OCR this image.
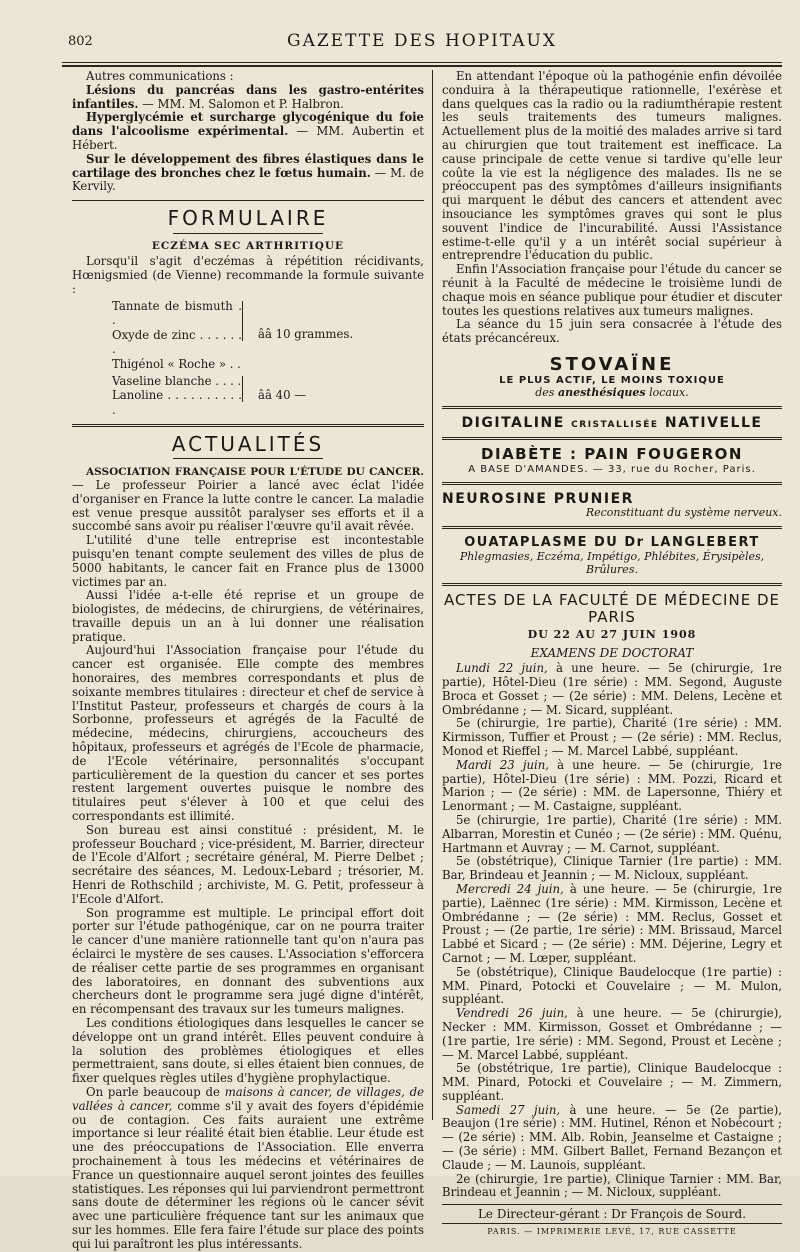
802	GAZETTE DES HOPITAUX

Autres communications :

Lésions du pancréas dans les gastro-entérites infantiles. — MM. M. Salomon et P. Halbron.

Hyperglycémie et surcharge glycogénique du foie dans l'alcoolisme expérimental. — MM. Aubertin et Hébert.

Sur le développement des fibres élastiques dans le cartilage des bronches chez le fœtus humain. — M. de Kervily.

FORMULAIRE
ECZÉMA SEC ARTHRITIQUE

Lorsqu'il s'agit d'eczémas à répétition récidivants, Hœnigsmied (de Vienne) recommande la formule suivante :

Tannate de bismuth . .
Oxyde de zinc . . . . . . .
Thigénol « Roche » . .
ââ 10 grammes.
Vaseline blanche . . . .
Lanoline . . . . . . . . . . .
ââ 40 —
ACTUALITÉS

ASSOCIATION FRANÇAISE POUR L'ÉTUDE DU CANCER. — Le professeur Poirier a lancé avec éclat l'idée d'organiser en France la lutte contre le cancer. La maladie est venue presque aussitôt paralyser ses efforts et il a succombé sans avoir pu réaliser l'œuvre qu'il avait rêvée.

L'utilité d'une telle entreprise est incontestable puisqu'en tenant compte seulement des villes de plus de 5000 habitants, le cancer fait en France plus de 13000 victimes par an.

Aussi l'idée a-t-elle été reprise et un groupe de biologistes, de médecins, de chirurgiens, de vétérinaires, travaille depuis un an à lui donner une réalisation pratique.

Aujourd'hui l'Association française pour l'étude du cancer est organisée. Elle compte des membres honoraires, des membres correspondants et plus de soixante membres titulaires : directeur et chef de service à l'Institut Pasteur, professeurs et chargés de cours à la Sorbonne, professeurs et agrégés de la Faculté de médecine, médecins, chirurgiens, accoucheurs des hôpitaux, professeurs et agrégés de l'Ecole de pharmacie, de l'Ecole vétérinaire, personnalités s'occupant particulièrement de la question du cancer et ses portes restent largement ouvertes puisque le nombre des titulaires peut s'élever à 100 et que celui des correspondants est illimité.

Son bureau est ainsi constitué : président, M. le professeur Bouchard ; vice-président, M. Barrier, directeur de l'Ecole d'Alfort ; secrétaire général, M. Pierre Delbet ; secrétaire des séances, M. Ledoux-Lebard ; trésorier, M. Henri de Rothschild ; archiviste, M. G. Petit, professeur à l'Ecole d'Alfort.

Son programme est multiple. Le principal effort doit porter sur l'étude pathogénique, car on ne pourra traiter le cancer d'une manière rationnelle tant qu'on n'aura pas éclairci le mystère de ses causes. L'Association s'efforcera de réaliser cette partie de ses programmes en organisant des laboratoires, en donnant des subventions aux chercheurs dont le programme sera jugé digne d'intérêt, en récompensant des travaux sur les tumeurs malignes.

Les conditions étiologiques dans lesquelles le cancer se développe ont un grand intérêt. Elles peuvent conduire à la solution des problèmes étiologiques et elles permettraient, sans doute, si elles étaient bien connues, de fixer quelques règles utiles d'hygiène prophylactique.

On parle beaucoup de maisons à cancer, de villages, de vallées à cancer, comme s'il y avait des foyers d'épidémie ou de contagion. Ces faits auraient une extrême importance si leur réalité était bien établie. Leur étude est une des préoccupations de l'Association. Elle enverra prochainement à tous les médecins et vétérinaires de France un questionnaire auquel seront jointes des feuilles statistiques. Les réponses qui lui parviendront permettront sans doute de déterminer les régions où le cancer sévit avec une particulière fréquence tant sur les animaux que sur les hommes. Elle fera faire l'étude sur place des points qui lui paraîtront les plus intéressants.

En attendant l'époque où la pathogénie enfin dévoilée conduira à la thérapeutique rationnelle, l'exérèse et dans quelques cas la radio ou la radiumthérapie restent les seuls traitements des tumeurs malignes. Actuellement plus de la moitié des malades arrive si tard au chirurgien que tout traitement est inefficace. La cause principale de cette venue si tardive qu'elle leur coûte la vie est la négligence des malades. Ils ne se préoccupent pas des symptômes d'ailleurs insignifiants qui marquent le début des cancers et attendent avec insouciance les symptômes graves qui sont le plus souvent l'indice de l'incurabilité. Aussi l'Assistance estime-t-elle qu'il y a un intérêt social supérieur à entreprendre l'éducation du public.

Enfin l'Association française pour l'étude du cancer se réunit à la Faculté de médecine le troisième lundi de chaque mois en séance publique pour étudier et discuter toutes les questions relatives aux tumeurs malignes.

La séance du 15 juin sera consacrée à l'étude des états précancéreux.

STOVAÏNE
LE PLUS ACTIF, LE MOINS TOXIQUE
des anesthésiques locaux.
DIGITALINE CRISTALLISÉE NATIVELLE
DIABÈTE : PAIN FOUGERON
A BASE D'AMANDES. — 33, rue du Rocher, Paris.
NEUROSINE PRUNIER
Reconstituant du système nerveux.
OUATAPLASME DU Dr LANGLEBERT
Phlegmasies, Eczéma, Impétigo, Phlébites, Érysipèles, Brûlures.
ACTES DE LA FACULTÉ DE MÉDECINE DE PARIS
DU 22 AU 27 JUIN 1908
EXAMENS DE DOCTORAT

Lundi 22 juin, à une heure. — 5e (chirurgie, 1re partie), Hôtel-Dieu (1re série) : MM. Segond, Auguste Broca et Gosset ; — (2e série) : MM. Delens, Lecène et Ombrédanne ; — M. Sicard, suppléant.

5e (chirurgie, 1re partie), Charité (1re série) : MM. Kirmisson, Tuffier et Proust ; — (2e série) : MM. Reclus, Monod et Rieffel ; — M. Marcel Labbé, suppléant.

Mardi 23 juin, à une heure. — 5e (chirurgie, 1re partie), Hôtel-Dieu (1re série) : MM. Pozzi, Ricard et Marion ; — (2e série) : MM. de Lapersonne, Thiéry et Lenormant ; — M. Castaigne, suppléant.

5e (chirurgie, 1re partie), Charité (1re série) : MM. Albarran, Morestin et Cunéo ; — (2e série) : MM. Quénu, Hartmann et Auvray ; — M. Carnot, suppléant.

5e (obstétrique), Clinique Tarnier (1re partie) : MM. Bar, Brindeau et Jeannin ; — M. Nicloux, suppléant.

Mercredi 24 juin, à une heure. — 5e (chirurgie, 1re partie), Laënnec (1re série) : MM. Kirmisson, Lecène et Ombrédanne ; — (2e série) : MM. Reclus, Gosset et Proust ; — (2e partie, 1re série) : MM. Brissaud, Marcel Labbé et Sicard ; — (2e série) : MM. Déjerine, Legry et Carnot ; — M. Lœper, suppléant.

5e (obstétrique), Clinique Baudelocque (1re partie) : MM. Pinard, Potocki et Couvelaire ; — M. Mulon, suppléant.

Vendredi 26 juin, à une heure. — 5e (chirurgie), Necker : MM. Kirmisson, Gosset et Ombrédanne ; — (1re partie, 1re série) : MM. Segond, Proust et Lecène ; — M. Marcel Labbé, suppléant.

5e (obstétrique, 1re partie), Clinique Baudelocque : MM. Pinard, Potocki et Couvelaire ; — M. Zimmern, suppléant.

Samedi 27 juin, à une heure. — 5e (2e partie), Beaujon (1re série) : MM. Hutinel, Rénon et Nobécourt ; — (2e série) : MM. Alb. Robin, Jeanselme et Castaigne ; — (3e série) : MM. Gilbert Ballet, Fernand Bezançon et Claude ; — M. Launois, suppléant.

2e (chirurgie, 1re partie), Clinique Tarnier : MM. Bar, Brindeau et Jeannin ; — M. Nicloux, suppléant.

Le Directeur-gérant : Dr François de Sourd.
PARIS. — IMPRIMERIE LEVÉ, 17, RUE CASSETTE
